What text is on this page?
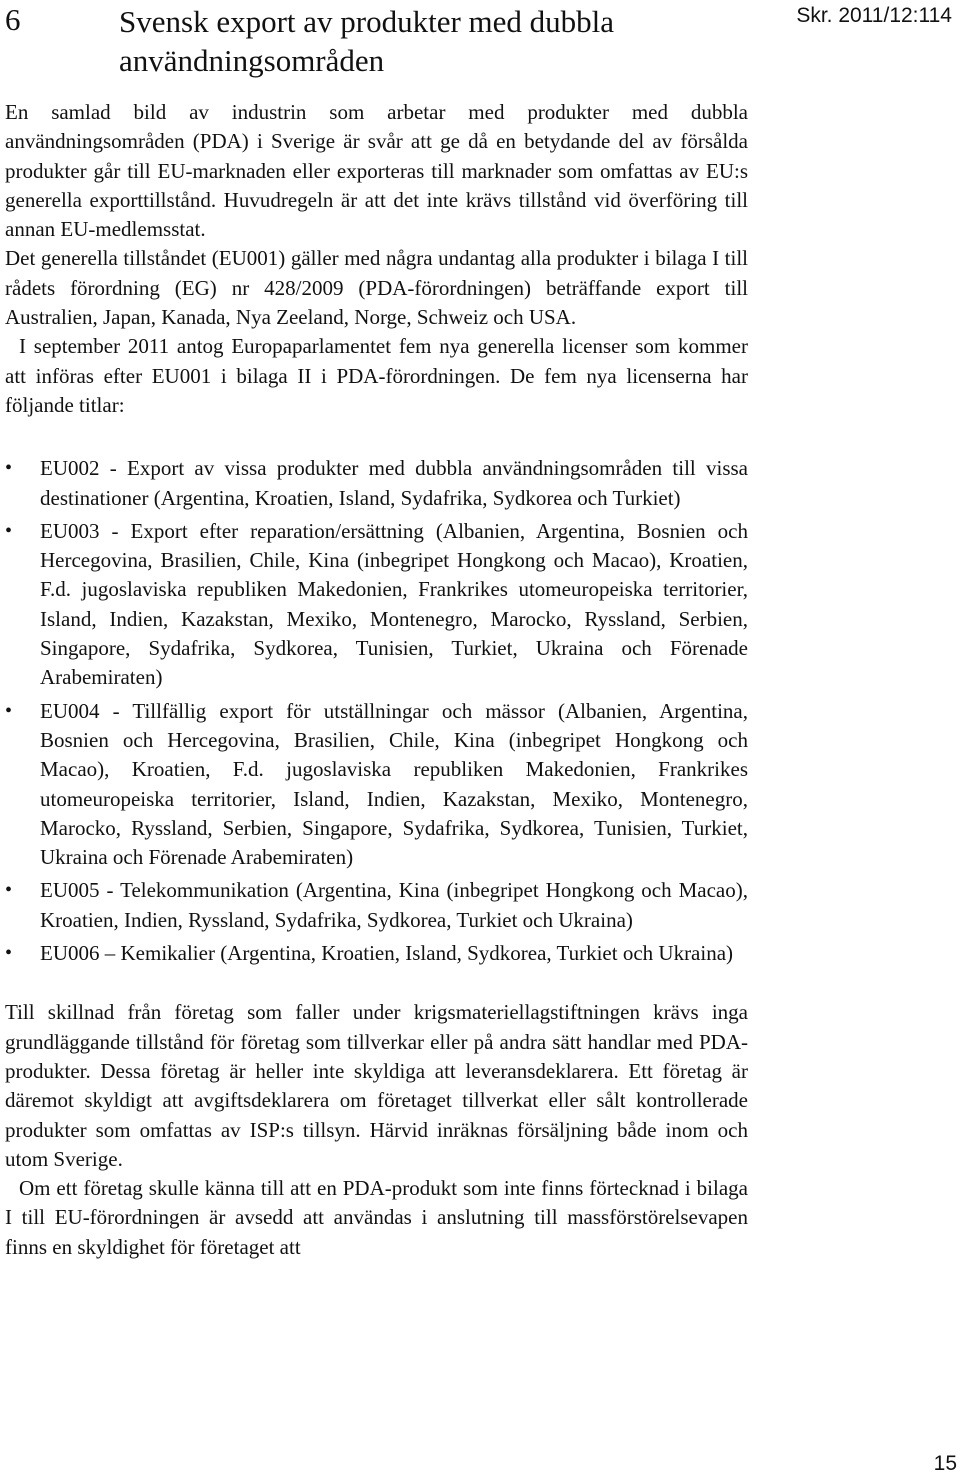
6	Svensk export av produkter med dubbla användningsområden
Skr. 2011/12:114

En samlad bild av industrin som arbetar med produkter med dubbla användningsområden (PDA) i Sverige är svår att ge då en betydande del av försålda produkter går till EU-marknaden eller exporteras till marknader som omfattas av EU:s generella exporttillstånd. Huvudregeln är att det inte krävs tillstånd vid överföring till annan EU-medlemsstat.

Det generella tillståndet (EU001) gäller med några undantag alla produkter i bilaga I till rådets förordning (EG) nr 428/2009 (PDA-förordningen) beträffande export till Australien, Japan, Kanada, Nya Zeeland, Norge, Schweiz och USA.

I september 2011 antog Europaparlamentet fem nya generella licenser som kommer att införas efter EU001 i bilaga II i PDA-förordningen. De fem nya licenserna har följande titlar:

•	EU002 - Export av vissa produkter med dubbla användningsområden till vissa destinationer (Argentina, Kroatien, Island, Sydafrika, Sydkorea och Turkiet)
•	EU003 - Export efter reparation/ersättning (Albanien, Argentina, Bosnien och Hercegovina, Brasilien, Chile, Kina (inbegripet Hongkong och Macao), Kroatien, F.d. jugoslaviska republiken Makedonien, Frankrikes utomeuropeiska territorier, Island, Indien, Kazakstan, Mexiko, Montenegro, Marocko, Ryssland, Serbien, Singapore, Sydafrika, Sydkorea, Tunisien, Turkiet, Ukraina och Förenade Arabemiraten)
•	EU004 - Tillfällig export för utställningar och mässor (Albanien, Argentina, Bosnien och Hercegovina, Brasilien, Chile, Kina (inbegripet Hongkong och Macao), Kroatien, F.d. jugoslaviska republiken Makedonien, Frankrikes utomeuropeiska territorier, Island, Indien, Kazakstan, Mexiko, Montenegro, Marocko, Ryssland, Serbien, Singapore, Sydafrika, Sydkorea, Tunisien, Turkiet, Ukraina och Förenade Arabemiraten)
•	EU005 - Telekommunikation (Argentina, Kina (inbegripet Hongkong och Macao), Kroatien, Indien, Ryssland, Sydafrika, Sydkorea, Turkiet och Ukraina)
•	EU006 – Kemikalier (Argentina, Kroatien, Island, Sydkorea, Turkiet och Ukraina)

Till skillnad från företag som faller under krigsmateriellagstiftningen krävs inga grundläggande tillstånd för företag som tillverkar eller på andra sätt handlar med PDA-produkter. Dessa företag är heller inte skyldiga att leveransdeklarera. Ett företag är däremot skyldigt att avgiftsdeklarera om företaget tillverkat eller sålt kontrollerade produkter som omfattas av ISP:s tillsyn. Härvid inräknas försäljning både inom och utom Sverige.

Om ett företag skulle känna till att en PDA-produkt som inte finns förtecknad i bilaga I till EU-förordningen är avsedd att användas i anslutning till massförstörelsevapen finns en skyldighet för företaget att

15
